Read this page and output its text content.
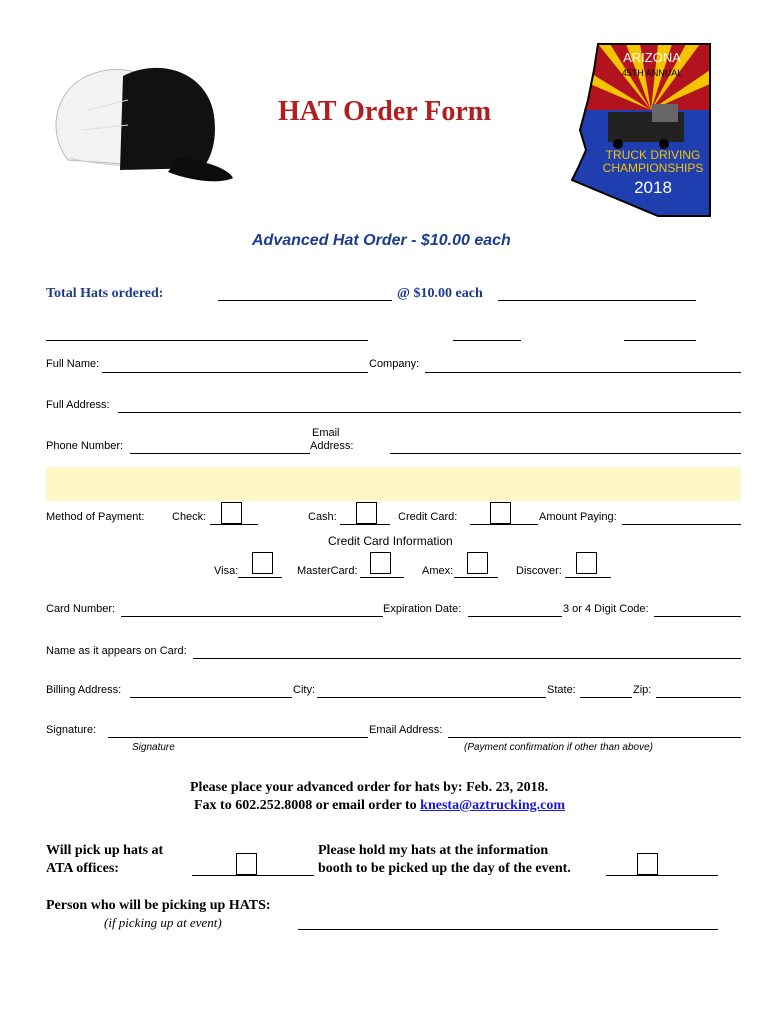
HAT Order Form
ARIZONA
45TH ANNUAL
TRUCK DRIVING
CHAMPIONSHIPS
2018
Advanced Hat Order - $10.00 each
Total Hats ordered:	@ $10.00 each
Full Name:	Company:
Full Address:
Phone Number:
Email
Address:
Method of Payment:	Check:	Cash:	Credit Card:	Amount Paying:
Credit Card Information
Visa:	MasterCard:	Amex:	Discover:
Card Number:	Expiration Date:	3 or 4 Digit Code:
Name as it appears on Card:
Billing Address:	City:	State:	Zip:
Signature:	Email Address:
Signature	(Payment confirmation if other than above)
Please place your advanced order for hats by: Feb. 23, 2018.
Fax to 602.252.8008 or email order to knesta@aztrucking.com
Will pick up hats at
ATA offices:
Please hold my hats at the information
booth to be picked up the day of the event.
Person who will be picking up HATS:
(if picking up at event)
